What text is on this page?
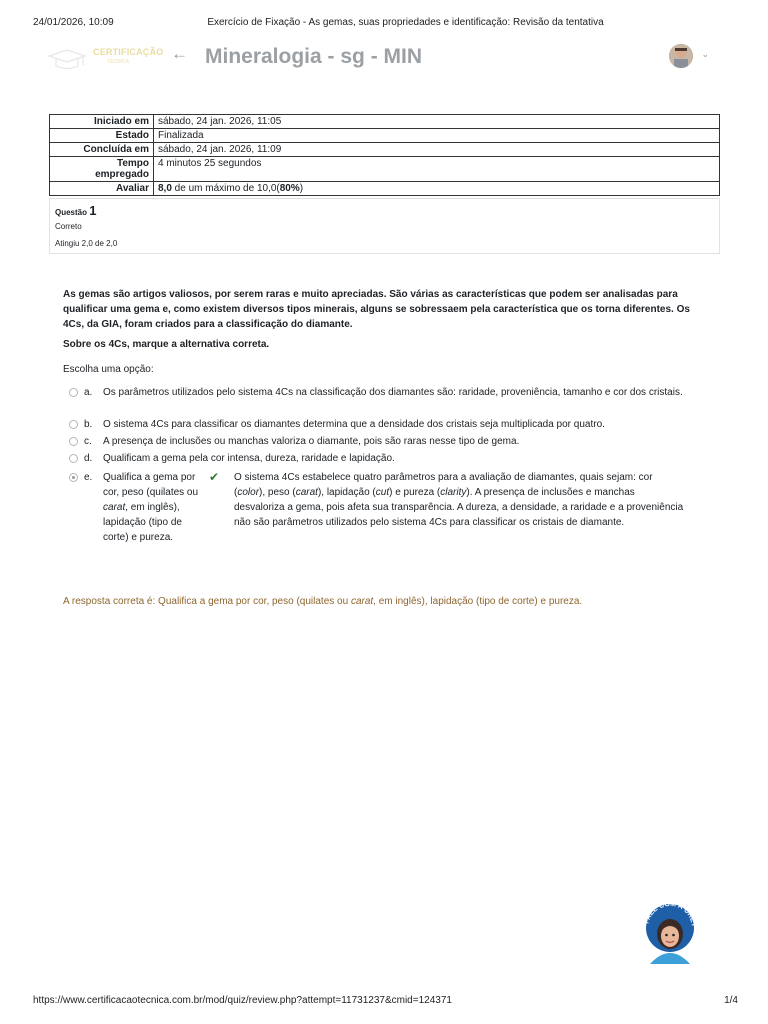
24/01/2026, 10:09	Exercício de Fixação - As gemas, suas propriedades e identificação: Revisão da tentativa
CERTIFICAÇÃO
TÉCNICA ← Mineralogia - sg - MIN	⌄
Iniciado em	sábado, 24 jan. 2026, 11:05
Estado	Finalizada
Concluída em	sábado, 24 jan. 2026, 11:09
Tempo empregado	4 minutos 25 segundos
Avaliar	8,0 de um máximo de 10,0(80%)
Questão 1
Correto
Atingiu 2,0 de 2,0

As gemas são artigos valiosos, por serem raras e muito apreciadas. São várias as características que podem ser analisadas para qualificar uma gema e, como existem diversos tipos minerais, alguns se sobressaem pela característica que os torna diferentes. Os 4Cs, da GIA, foram criados para a classificação do diamante.

Sobre os 4Cs, marque a alternativa correta.

Escolha uma opção:
a. Os parâmetros utilizados pelo sistema 4Cs na classificação dos diamantes são: raridade, proveniência, tamanho e cor dos cristais.
b. O sistema 4Cs para classificar os diamantes determina que a densidade dos cristais seja multiplicada por quatro.
c. A presença de inclusões ou manchas valoriza o diamante, pois são raras nesse tipo de gema.
d. Qualificam a gema pela cor intensa, dureza, raridade e lapidação.
e. Qualifica a gema por cor, peso (quilates ou carat, em inglês), lapidação (tipo de corte) e pureza.
✔ O sistema 4Cs estabelece quatro parâmetros para a avaliação de diamantes, quais sejam: cor (color), peso (carat), lapidação (cut) e pureza (clarity). A presença de inclusões e manchas desvaloriza a gema, pois afeta sua transparência. A dureza, a densidade, a raridade e a proveniência não são parâmetros utilizados pelo sistema 4Cs para classificar os cristais de diamante.
A resposta correta é: Qualifica a gema por cor, peso (quilates ou carat, em inglês), lapidação (tipo de corte) e pureza.
FALE COM A CRET
https://www.certificacaotecnica.com.br/mod/quiz/review.php?attempt=11731237&cmid=124371	1/4
